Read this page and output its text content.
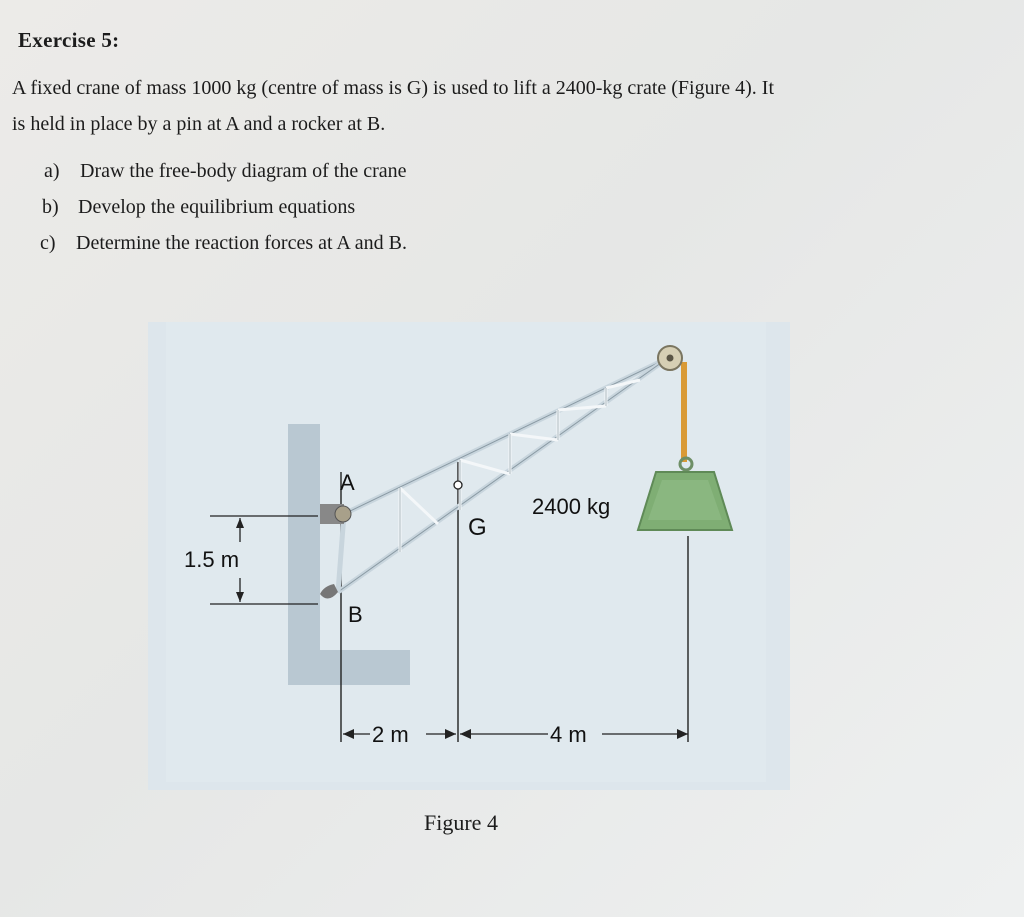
Exercise 5:
A fixed crane of mass 1000 kg (centre of mass is G) is used to lift a 2400-kg crate (Figure 4). It
is held in place by a pin at A and a rocker at B.
a) Draw the free-body diagram of the crane
b) Develop the equilibrium equations
c) Determine the reaction forces at A and B.
1.5 m
A
B
G
2400 kg
2 m	4 m
Figure 4
